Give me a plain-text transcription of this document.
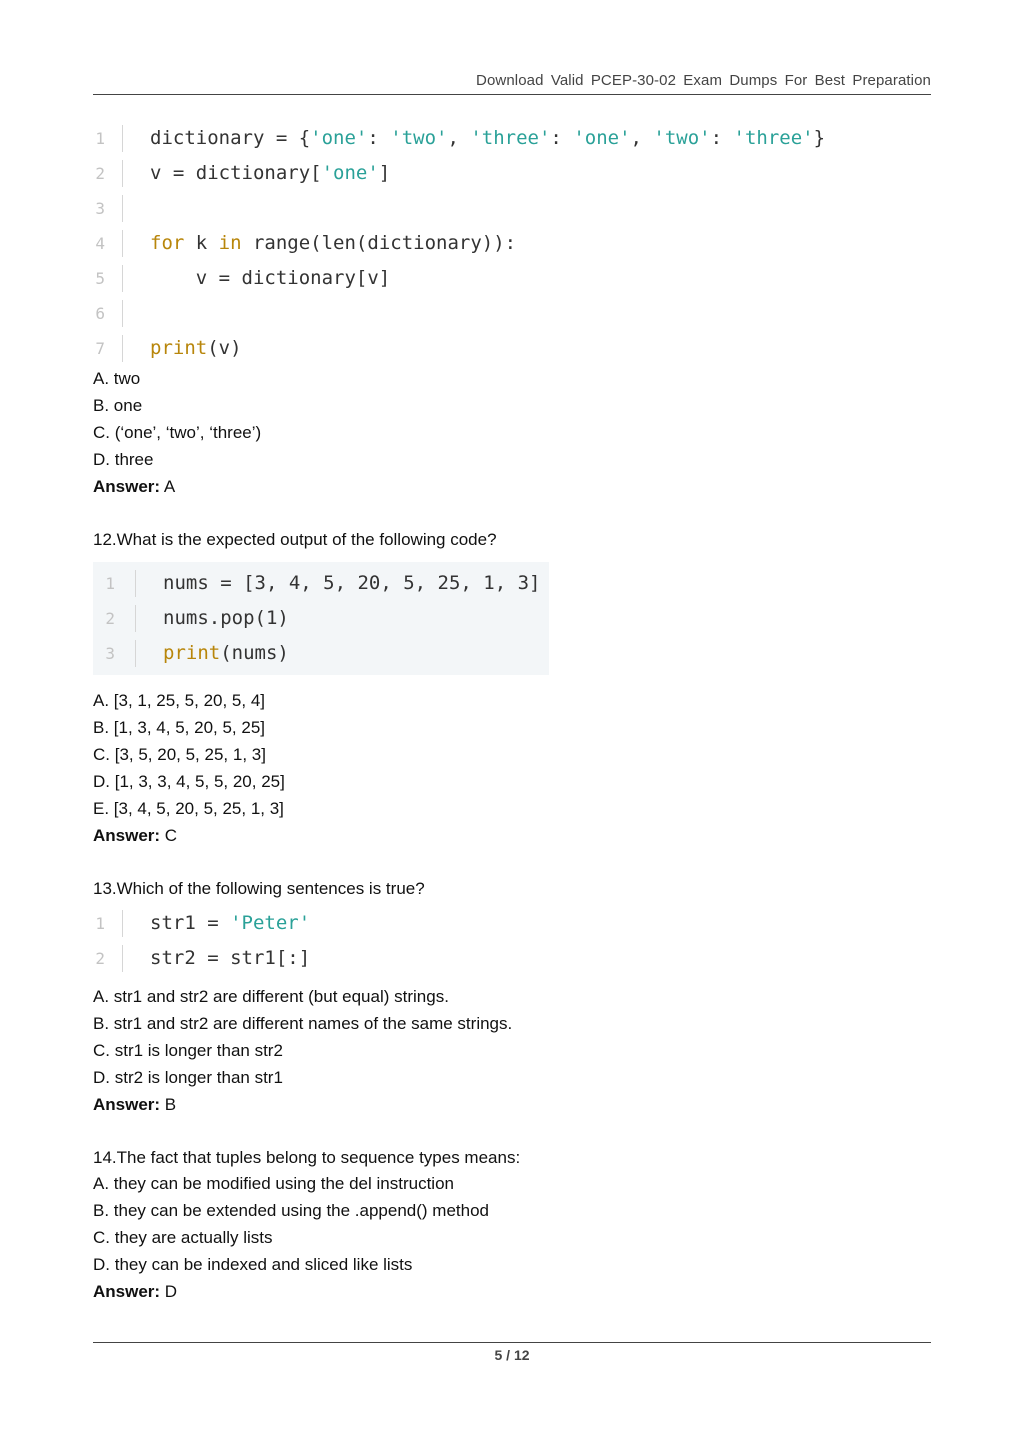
Download Valid PCEP-30-02 Exam Dumps For Best Preparation
1 dictionary = {'one': 'two', 'three': 'one', 'two': 'three'}
2 v = dictionary['one']
3
4 for k in range(len(dictionary)):
5 v = dictionary[v]
6
7 print(v)
A. two
B. one
C. (‘one’, ‘two’, ‘three’)
D. three
Answer: A
12.What is the expected output of the following code?
1	nums = [3, 4, 5, 20, 5, 25, 1, 3]
2	nums.pop(1)
3	print(nums)
A. [3, 1, 25, 5, 20, 5, 4]
B. [1, 3, 4, 5, 20, 5, 25]
C. [3, 5, 20, 5, 25, 1, 3]
D. [1, 3, 3, 4, 5, 5, 20, 25]
E. [3, 4, 5, 20, 5, 25, 1, 3]
Answer: C
13.Which of the following sentences is true?
1 str1 = 'Peter'
2 str2 = str1[:]
A. str1 and str2 are different (but equal) strings.
B. str1 and str2 are different names of the same strings.
C. str1 is longer than str2
D. str2 is longer than str1
Answer: B
14.The fact that tuples belong to sequence types means:
A. they can be modified using the del instruction
B. they can be extended using the .append() method
C. they are actually lists
D. they can be indexed and sliced like lists
Answer: D
5 / 12
